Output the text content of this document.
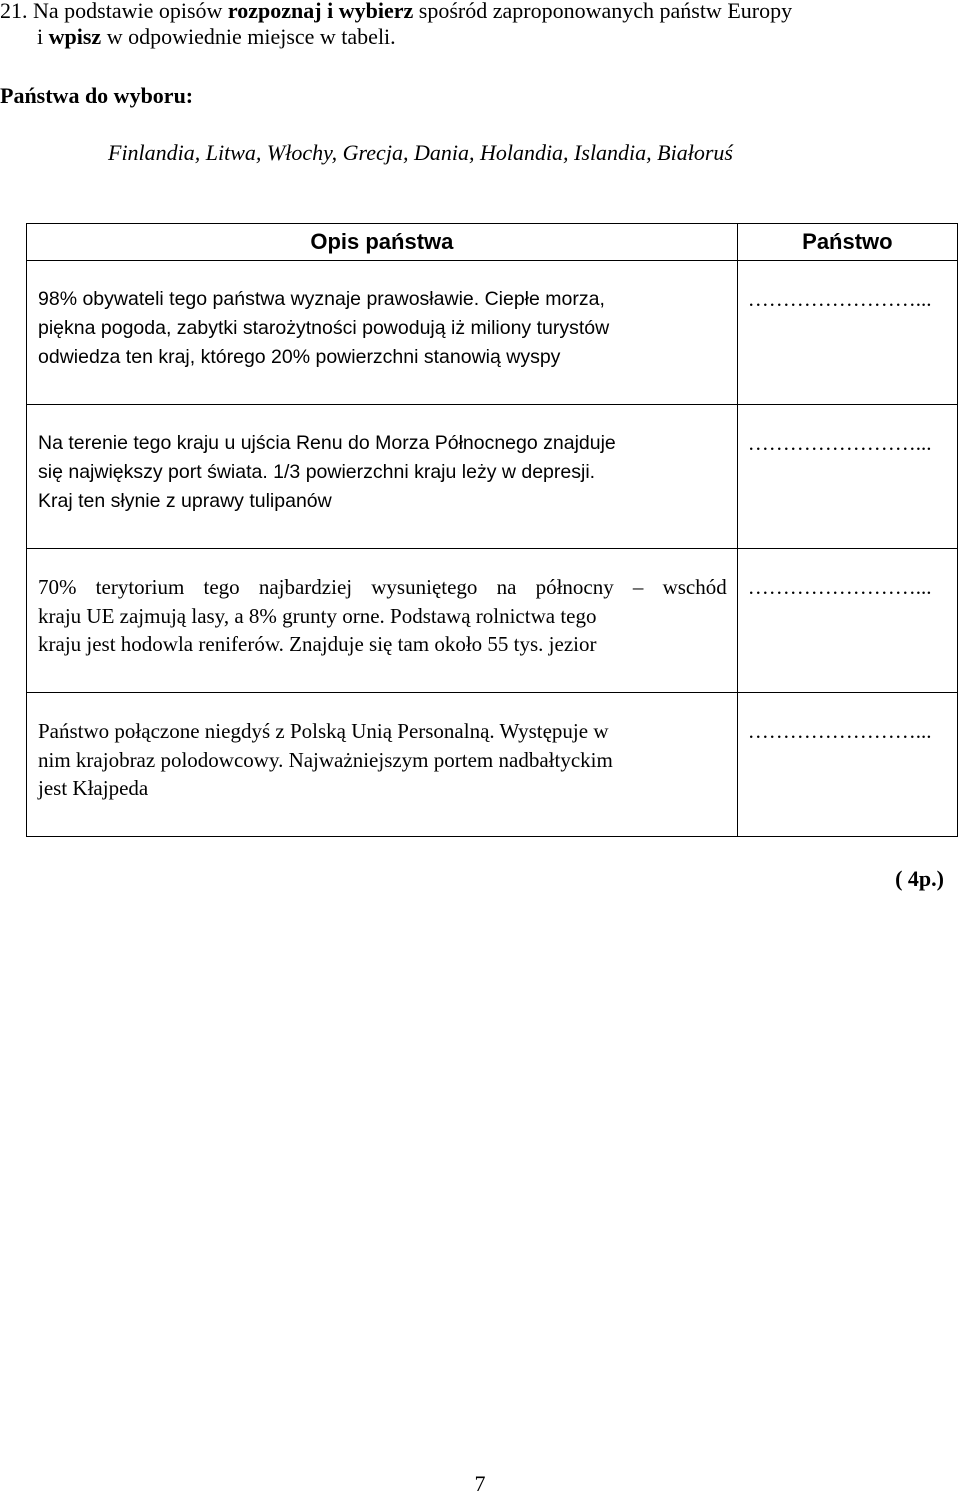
21. Na podstawie opisów rozpoznaj i wybierz spośród zaproponowanych państw Europy
i wpisz w odpowiednie miejsce w tabeli.
Państwa do wyboru:
Finlandia, Litwa, Włochy, Grecja, Dania, Holandia, Islandia, Białoruś
Opis państwa	Państwo

98% obywateli tego państwa wyznaje prawosławie. Ciepłe morza,
piękna pogoda, zabytki starożytności powodują iż miliony turystów
odwiedza ten kraj, którego 20% powierzchni stanowią wyspy	……………………...

Na terenie tego kraju u ujścia Renu do Morza Północnego znajduje
się największy port świata. 1/3 powierzchni kraju leży w depresji.
Kraj ten słynie z uprawy tulipanów	……………………...

70% terytorium tego najbardziej wysuniętego na północny – wschód
kraju UE zajmują lasy, a 8% grunty orne. Podstawą rolnictwa tego
kraju jest hodowla reniferów. Znajduje się tam około 55 tys. jezior	……………………...

Państwo połączone niegdyś z Polską Unią Personalną. Występuje w
nim krajobraz polodowcowy. Najważniejszym portem nadbałtyckim
jest Kłajpeda	……………………...
( 4p.)
7
